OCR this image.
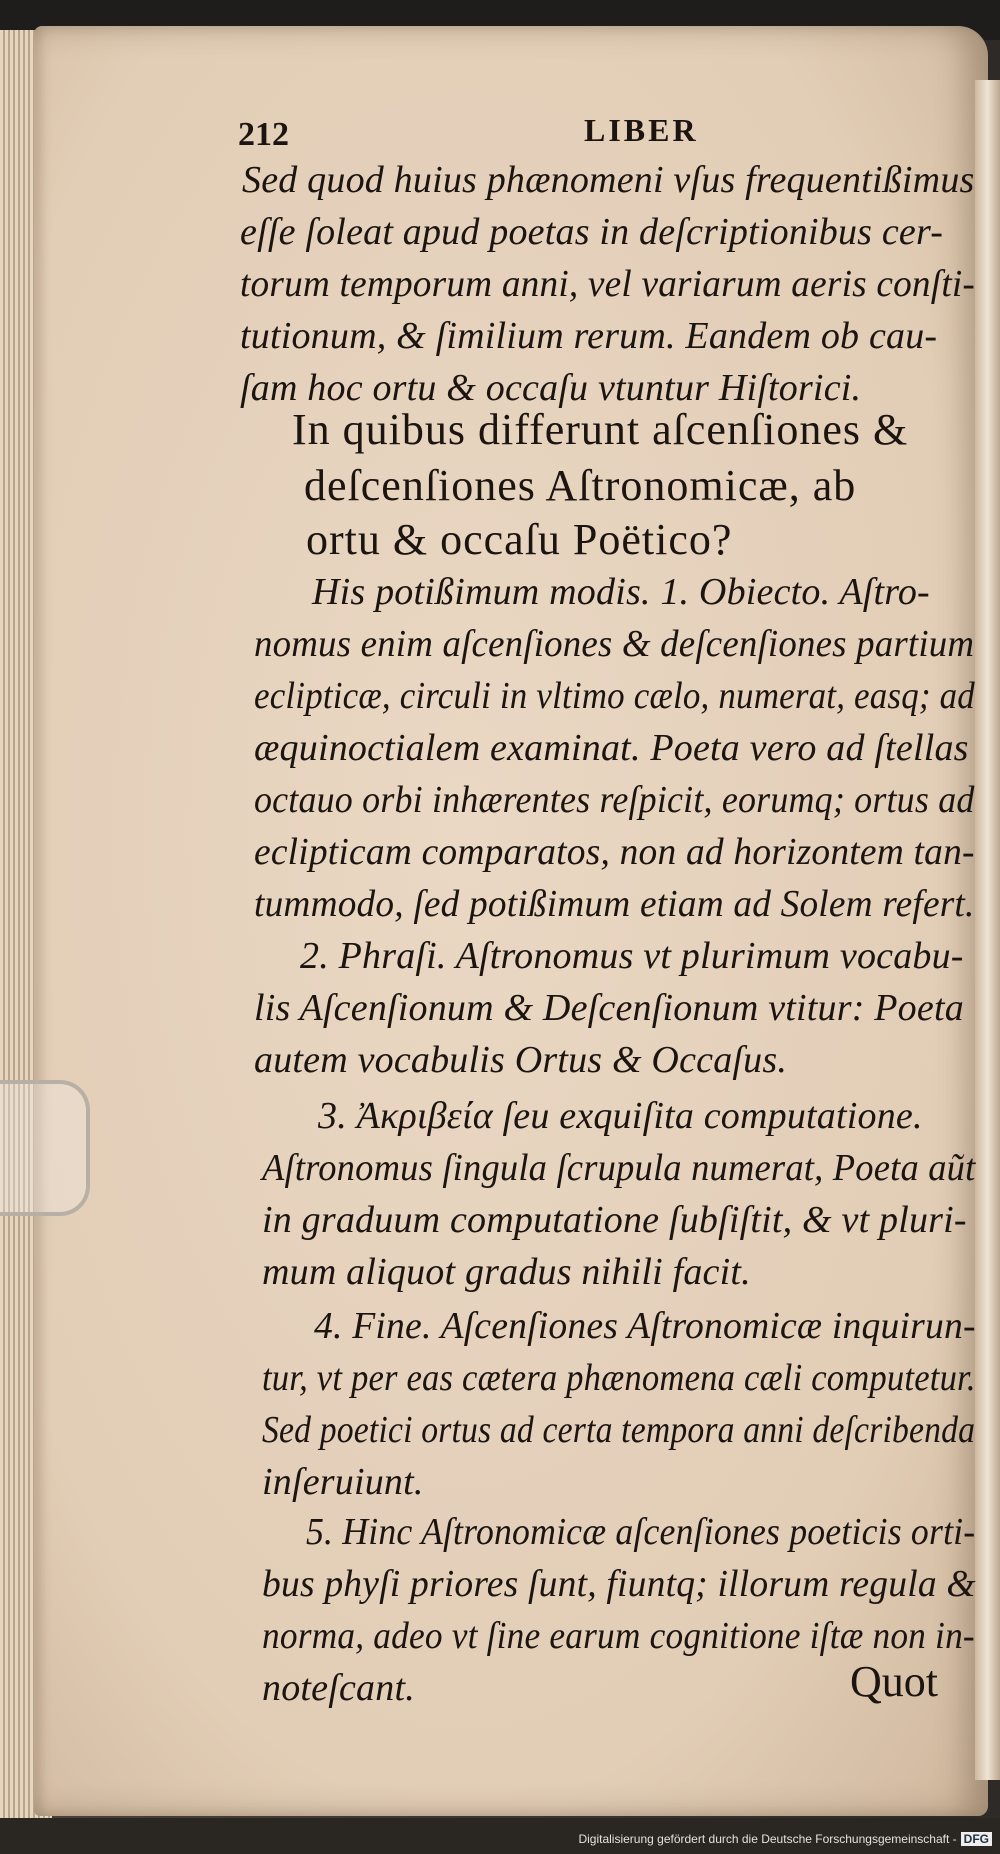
212	LIBER
Sed quod huius phænomeni vſus frequentißimus
eſſe ſoleat apud poetas in deſcriptionibus cer-
torum temporum anni, vel variarum aeris conſti-
tutionum, & ſimilium rerum. Eandem ob cau-
ſam hoc ortu & occaſu vtuntur Hiſtorici.
In quibus differunt aſcenſiones &
deſcenſiones Aſtronomicæ, ab
ortu & occaſu Poëtico?
His potißimum modis. 1. Obiecto. Aſtro-
nomus enim aſcenſiones & deſcenſiones partium
eclipticæ, circuli in vltimo cælo, numerat, easq; ad
æquinoctialem examinat. Poeta vero ad ſtellas
octauo orbi inhærentes reſpicit, eorumq; ortus ad
eclipticam comparatos, non ad horizontem tan-
tummodo, ſed potißimum etiam ad Solem refert.
2. Phraſi. Aſtronomus vt plurimum vocabu-
lis Aſcenſionum & Deſcenſionum vtitur: Poeta
autem vocabulis Ortus & Occaſus.
3. Ἀκριβεία ſeu exquiſita computatione.
Aſtronomus ſingula ſcrupula numerat, Poeta aũt
in graduum computatione ſubſiſtit, & vt pluri-
mum aliquot gradus nihili facit.
4. Fine. Aſcenſiones Aſtronomicæ inquirun-
tur, vt per eas cætera phænomena cæli computetur.
Sed poetici ortus ad certa tempora anni deſcribenda
inſeruiunt.
5. Hinc Aſtronomicæ aſcenſiones poeticis orti-
bus phyſi priores ſunt, fiuntq; illorum regula &
norma, adeo vt ſine earum cognitione iſtæ non in-
noteſcant.	Quot
Digitalisierung gefördert durch die Deutsche Forschungsgemeinschaft - DFG
